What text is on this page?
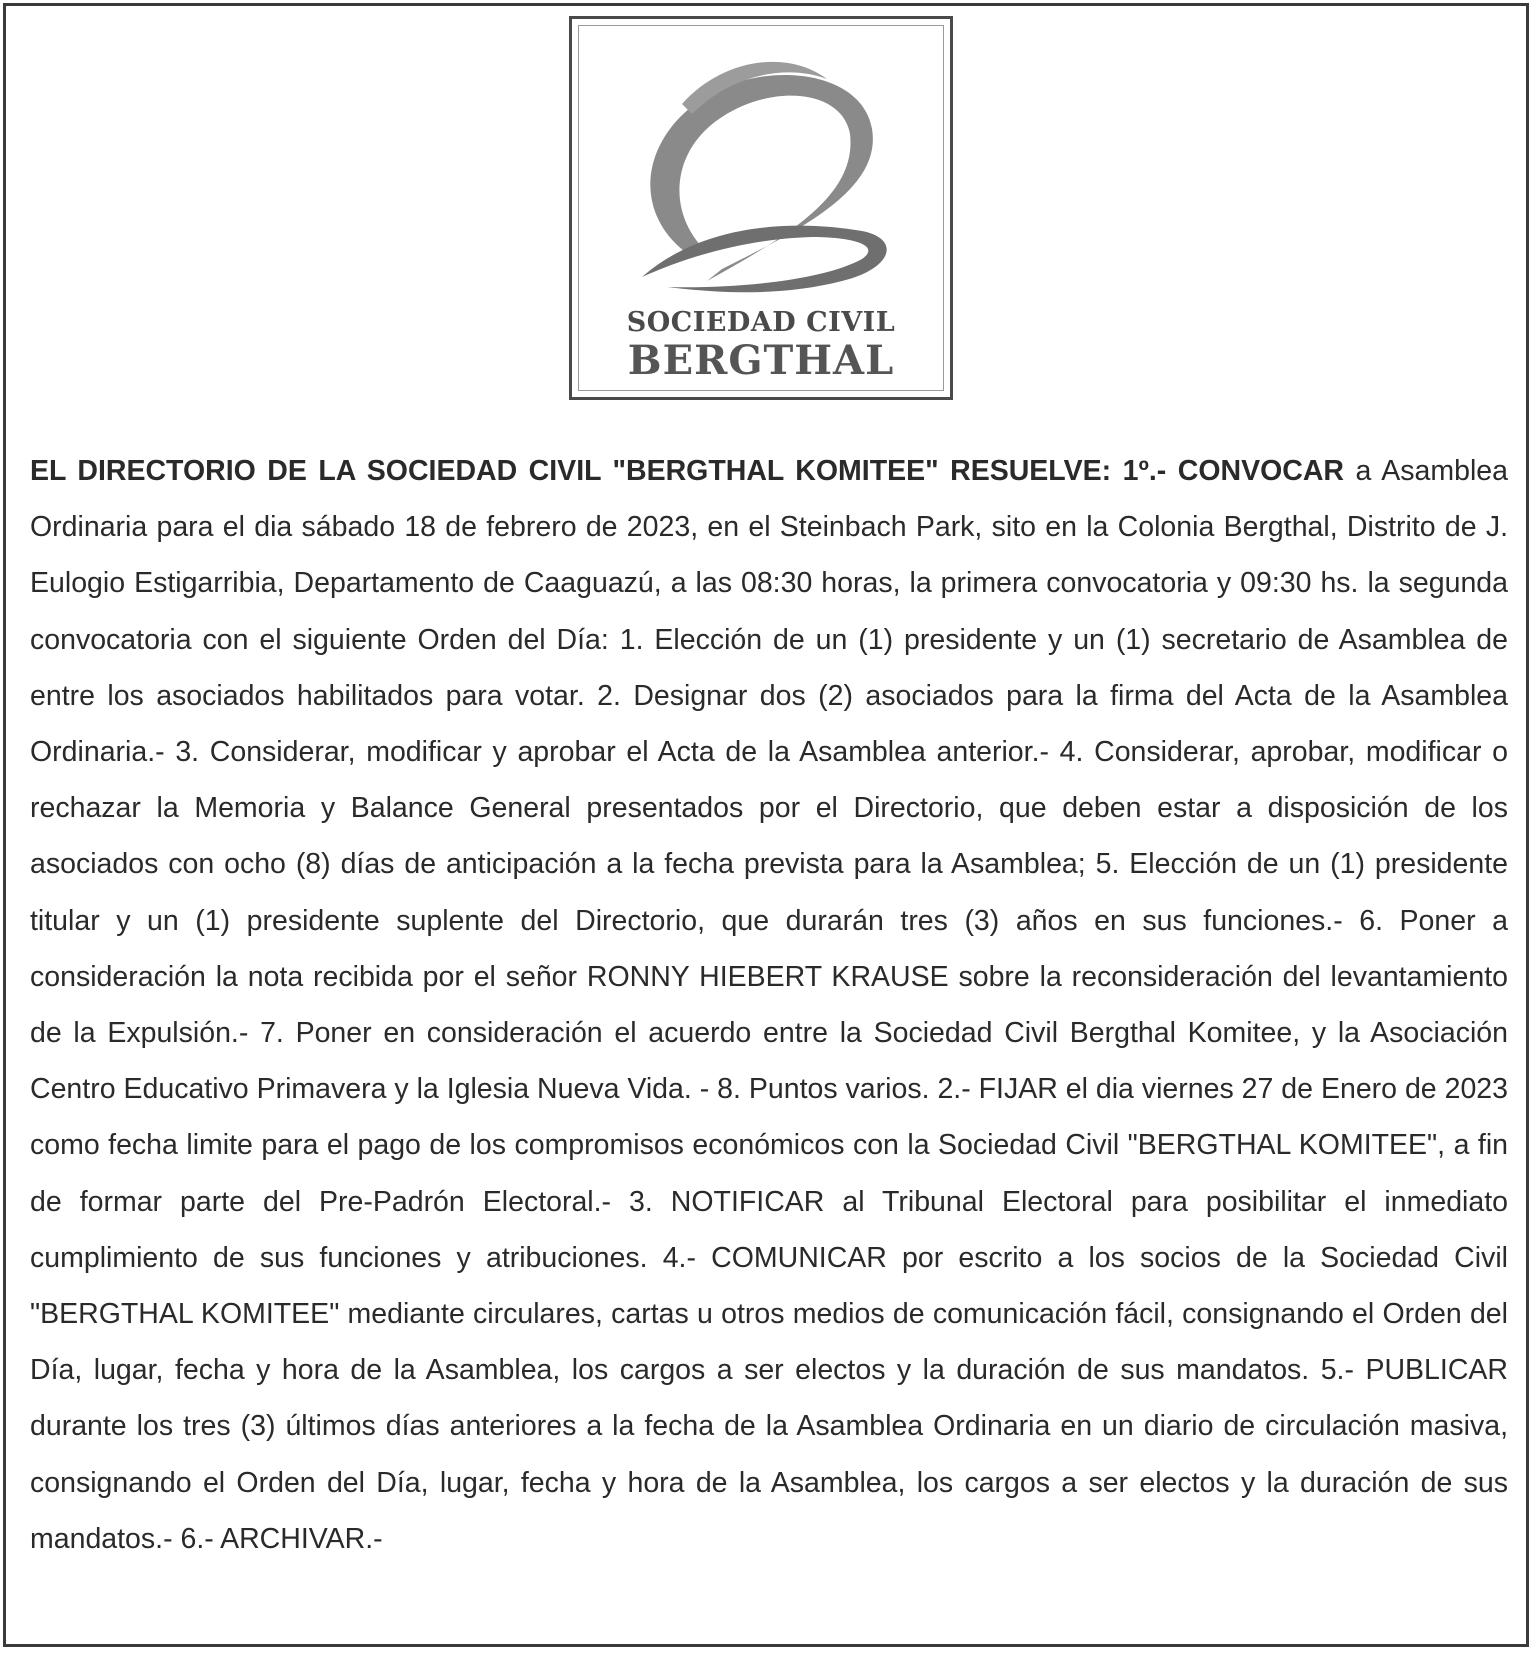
SOCIEDAD CIVIL
BERGTHAL
EL DIRECTORIO DE LA SOCIEDAD CIVIL "BERGTHAL KOMITEE" RESUELVE: 1º.- CONVOCAR a Asamblea Ordinaria para el dia sábado 18 de febrero de 2023, en el Steinbach Park, sito en la Colonia Bergthal, Distrito de J. Eulogio Estigarribia, Departamento de Caaguazú, a las 08:30 horas, la primera convocatoria y 09:30 hs. la segunda convocatoria con el siguiente Orden del Día: 1. Elección de un (1) presidente y un (1) secretario de Asamblea de entre los asociados habilitados para votar. 2. Designar dos (2) asociados para la firma del Acta de la Asamblea Ordinaria.- 3. Considerar, modificar y aprobar el Acta de la Asamblea anterior.- 4. Considerar, aprobar, modificar o rechazar la Memoria y Balance General presentados por el Directorio, que deben estar a disposición de los asociados con ocho (8) días de anticipación a la fecha prevista para la Asamblea; 5. Elección de un (1) presidente titular y un (1) presidente suplente del Directorio, que durarán tres (3) años en sus funciones.- 6. Poner a consideración la nota recibida por el señor RONNY HIEBERT KRAUSE sobre la reconsideración del levantamiento de la Expulsión.- 7. Poner en consideración el acuerdo entre la Sociedad Civil Bergthal Komitee, y la Asociación Centro Educativo Primavera y la Iglesia Nueva Vida. - 8. Puntos varios. 2.- FIJAR el dia viernes 27 de Enero de 2023 como fecha limite para el pago de los compromisos económicos con la Sociedad Civil "BERGTHAL KOMITEE", a fin de formar parte del Pre-Padrón Electoral.- 3. NOTIFICAR al Tribunal Electoral para posibilitar el inmediato cumplimiento de sus funciones y atribuciones. 4.- COMUNICAR por escrito a los socios de la Sociedad Civil "BERGTHAL KOMITEE" mediante circulares, cartas u otros medios de comunicación fácil, consignando el Orden del Día, lugar, fecha y hora de la Asamblea, los cargos a ser electos y la duración de sus mandatos. 5.- PUBLICAR durante los tres (3) últimos días anteriores a la fecha de la Asamblea Ordinaria en un diario de circulación masiva, consignando el Orden del Día, lugar, fecha y hora de la Asamblea, los cargos a ser electos y la duración de sus mandatos.- 6.- ARCHIVAR.-
